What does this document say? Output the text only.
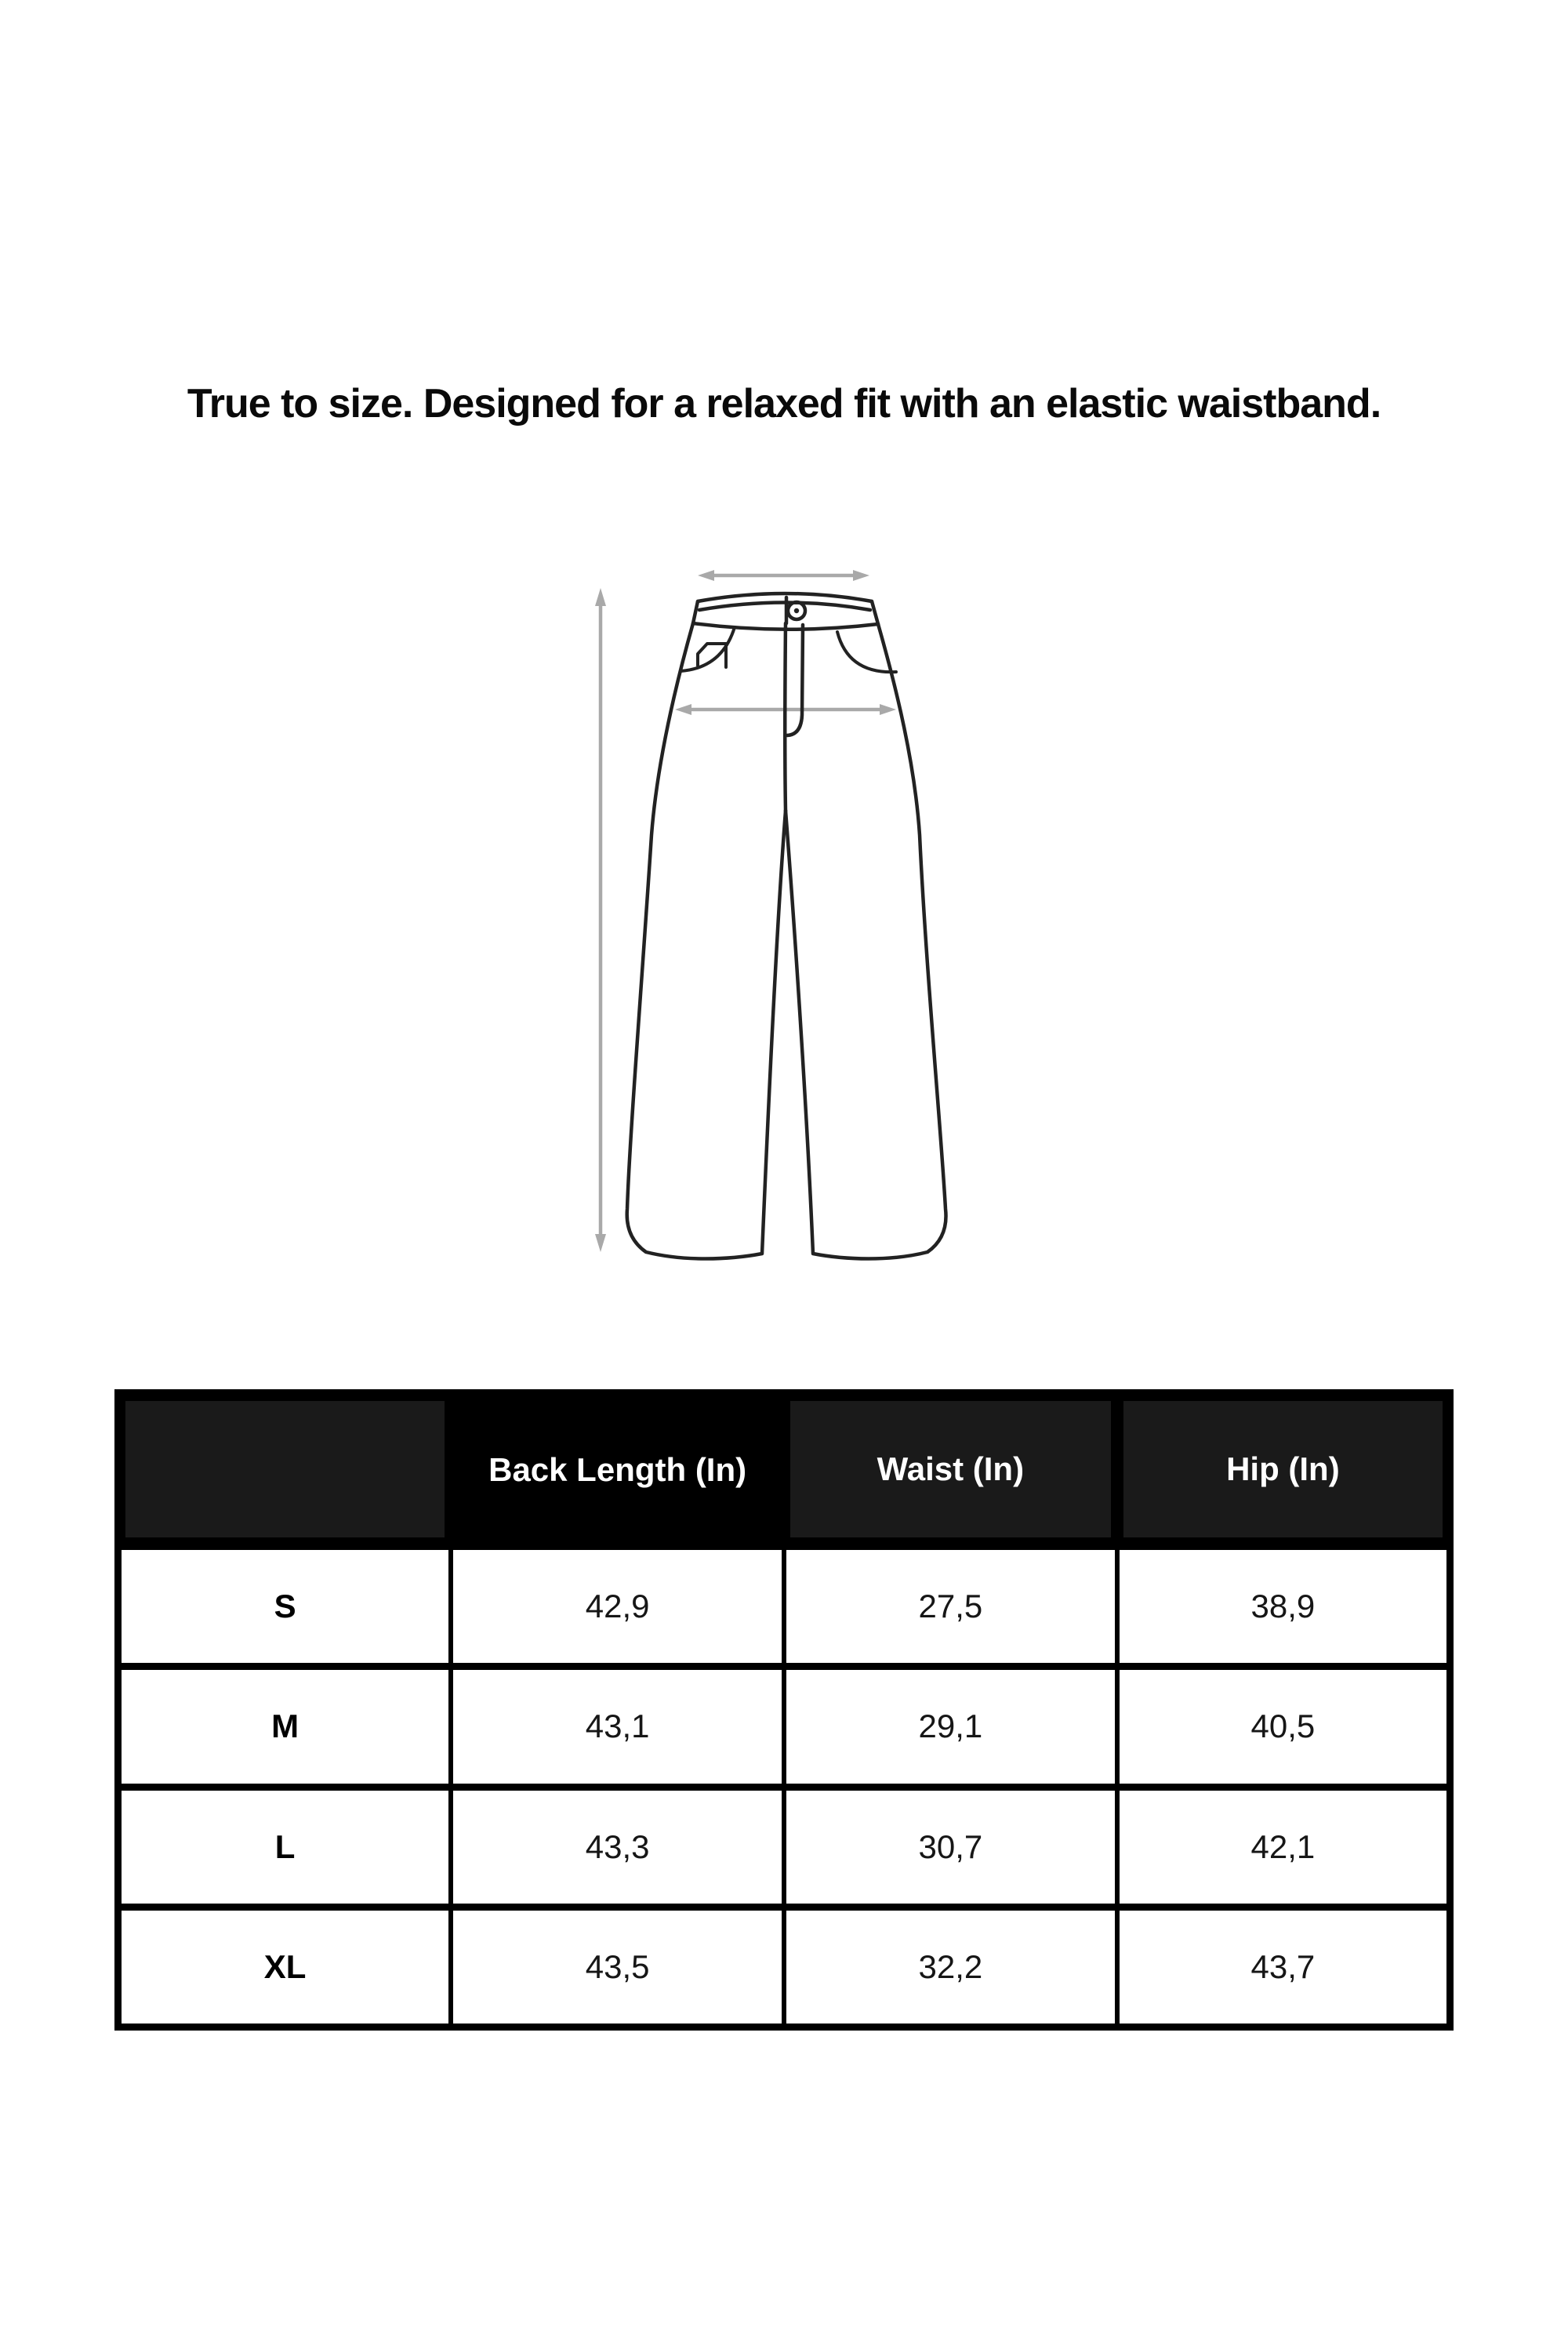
True to size. Designed for a relaxed fit with an elastic waistband.

	Back Length (In)	Waist (In)	Hip (In)

S	42,9	27,5	38,9
M	43,1	29,1	40,5
L	43,3	30,7	42,1
XL	43,5	32,2	43,7
